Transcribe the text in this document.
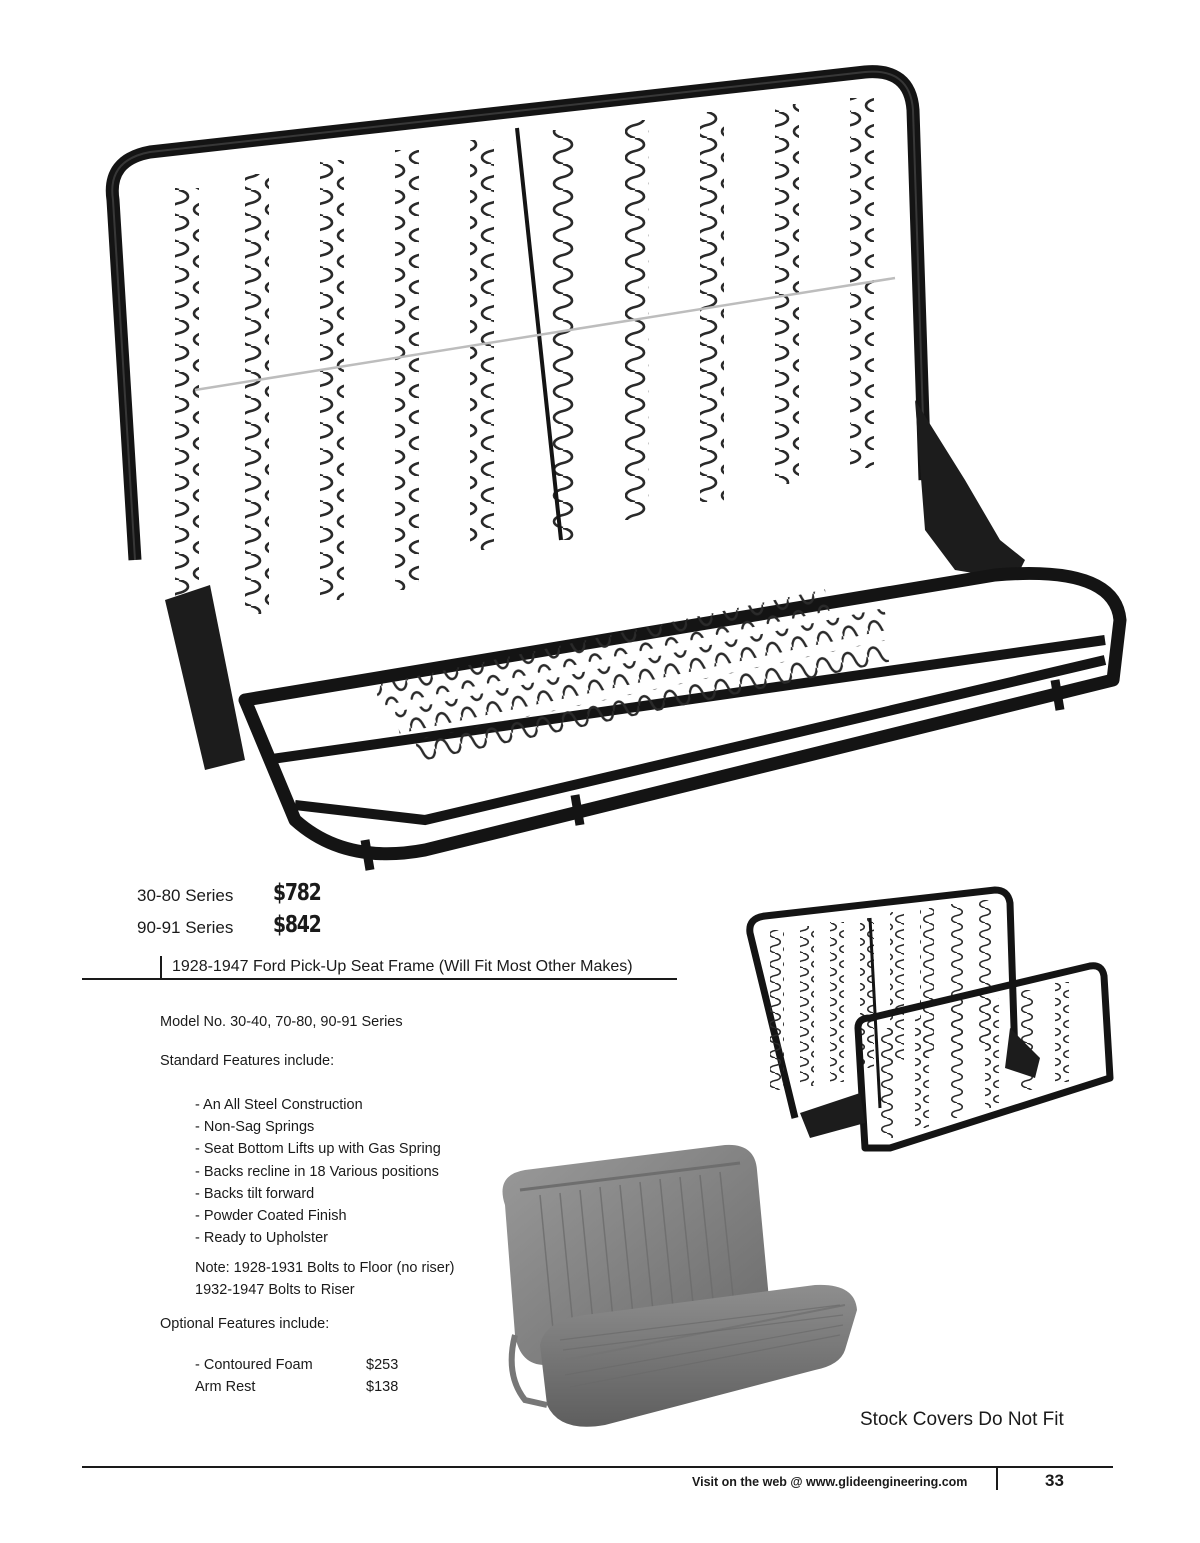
30-80 Series $782
90-91 Series $842
1928-1947 Ford Pick-Up Seat Frame (Will Fit Most Other Makes)
Model No. 30-40, 70-80, 90-91 Series
Standard Features include:
- An All Steel Construction
- Non-Sag Springs
- Seat Bottom Lifts up with Gas Spring
- Backs recline in 18 Various positions
- Backs tilt forward
- Powder Coated Finish
- Ready to Upholster
Note: 1928-1931 Bolts to Floor (no riser)
1932-1947 Bolts to Riser
Optional Features include:
- Contoured Foam	$253
Arm Rest	$138
Stock Covers Do Not Fit
Visit on the web @ www.glideengineering.com	33
